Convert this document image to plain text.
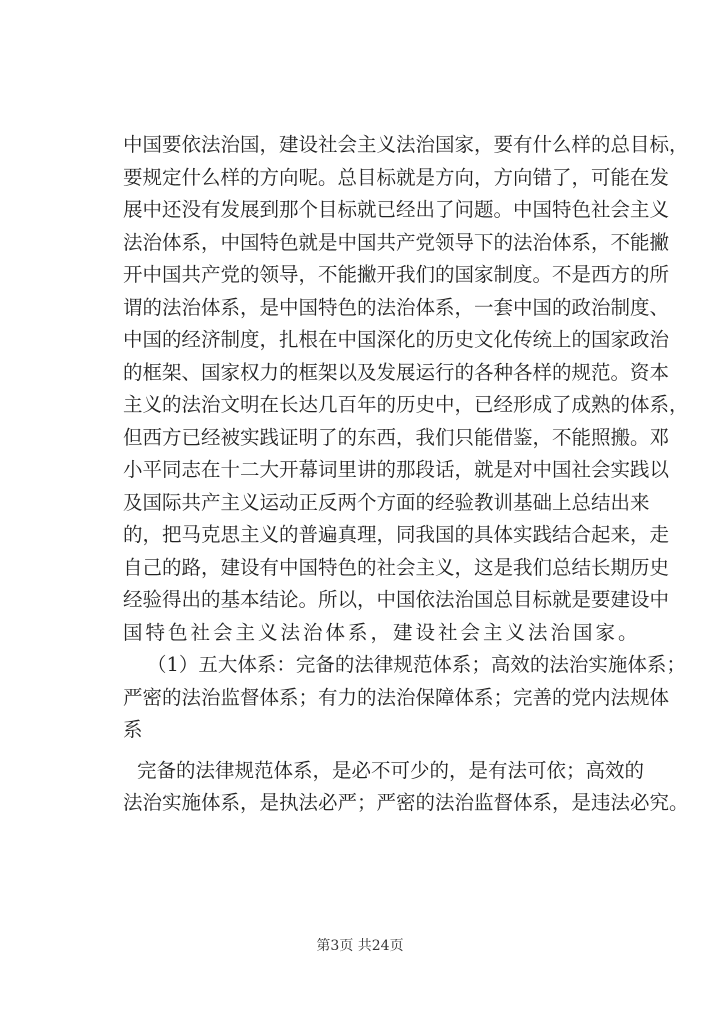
中国要依法治国，建设社会主义法治国家，要有什么样的总目标，
要规定什么样的方向呢。总目标就是方向，方向错了，可能在发
展中还没有发展到那个目标就已经出了问题。中国特色社会主义
法治体系，中国特色就是中国共产党领导下的法治体系，不能撇
开中国共产党的领导，不能撇开我们的国家制度。不是西方的所
谓的法治体系，是中国特色的法治体系，一套中国的政治制度、
中国的经济制度，扎根在中国深化的历史文化传统上的国家政治
的框架、国家权力的框架以及发展运行的各种各样的规范。资本
主义的法治文明在长达几百年的历史中，已经形成了成熟的体系，
但西方已经被实践证明了的东西，我们只能借鉴，不能照搬。邓
小平同志在十二大开幕词里讲的那段话，就是对中国社会实践以
及国际共产主义运动正反两个方面的经验教训基础上总结出来
的，把马克思主义的普遍真理，同我国的具体实践结合起来，走
自己的路，建设有中国特色的社会主义，这是我们总结长期历史
经验得出的基本结论。所以，中国依法治国总目标就是要建设中
国特色社会主义法治体系，建设社会主义法治国家。
（1）五大体系：完备的法律规范体系；高效的法治实施体系；
严密的法治监督体系；有力的法治保障体系；完善的党内法规体
系
完备的法律规范体系，是必不可少的，是有法可依；高效的
法治实施体系，是执法必严；严密的法治监督体系，是违法必究。
第3页 共24页
